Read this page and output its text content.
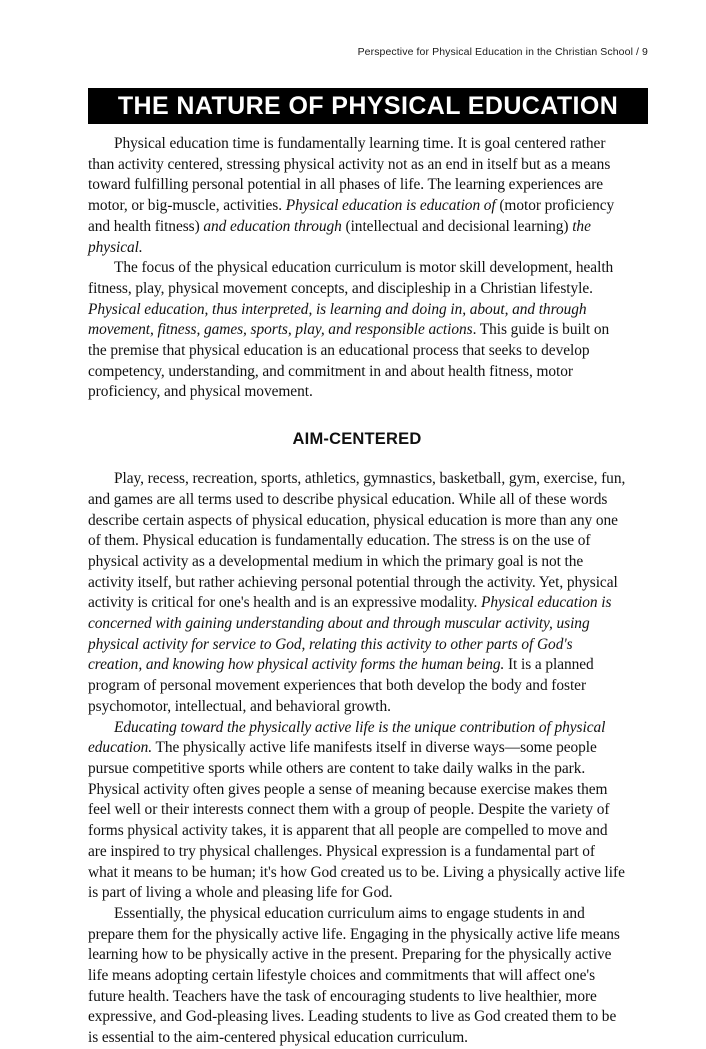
Perspective for Physical Education in the Christian School / 9
THE NATURE OF PHYSICAL EDUCATION

Physical education time is fundamentally learning time. It is goal centered rather than activity centered, stressing physical activity not as an end in itself but as a means toward fulfilling personal potential in all phases of life. The learning experiences are motor, or big-muscle, activities. Physical education is education of (motor proficiency and health fitness) and education through (intellectual and decisional learning) the physical.

The focus of the physical education curriculum is motor skill development, health fitness, play, physical movement concepts, and discipleship in a Christian lifestyle. Physical education, thus interpreted, is learning and doing in, about, and through movement, fitness, games, sports, play, and responsible actions. This guide is built on the premise that physical education is an educational process that seeks to develop competency, understanding, and commitment in and about health fitness, motor proficiency, and physical movement.

AIM-CENTERED

Play, recess, recreation, sports, athletics, gymnastics, basketball, gym, exercise, fun, and games are all terms used to describe physical education. While all of these words describe certain aspects of physical education, physical education is more than any one of them. Physical education is fundamentally education. The stress is on the use of physical activity as a developmental medium in which the primary goal is not the activity itself, but rather achieving personal potential through the activity. Yet, physical activity is critical for one's health and is an expressive modality. Physical education is concerned with gaining understanding about and through muscular activity, using physical activity for service to God, relating this activity to other parts of God's creation, and knowing how physical activity forms the human being. It is a planned program of personal movement experiences that both develop the body and foster psychomotor, intellectual, and behavioral growth.

Educating toward the physically active life is the unique contribution of physical education. The physically active life manifests itself in diverse ways—some people pursue competitive sports while others are content to take daily walks in the park. Physical activity often gives people a sense of meaning because exercise makes them feel well or their interests connect them with a group of people. Despite the variety of forms physical activity takes, it is apparent that all people are compelled to move and are inspired to try physical challenges. Physical expression is a fundamental part of what it means to be human; it's how God created us to be. Living a physically active life is part of living a whole and pleasing life for God.

Essentially, the physical education curriculum aims to engage students in and prepare them for the physically active life. Engaging in the physically active life means learning how to be physically active in the present. Preparing for the physically active life means adopting certain lifestyle choices and commitments that will affect one's future health. Teachers have the task of encouraging students to live healthier, more expressive, and God-pleasing lives. Leading students to live as God created them to be is essential to the aim-centered physical education curriculum.
